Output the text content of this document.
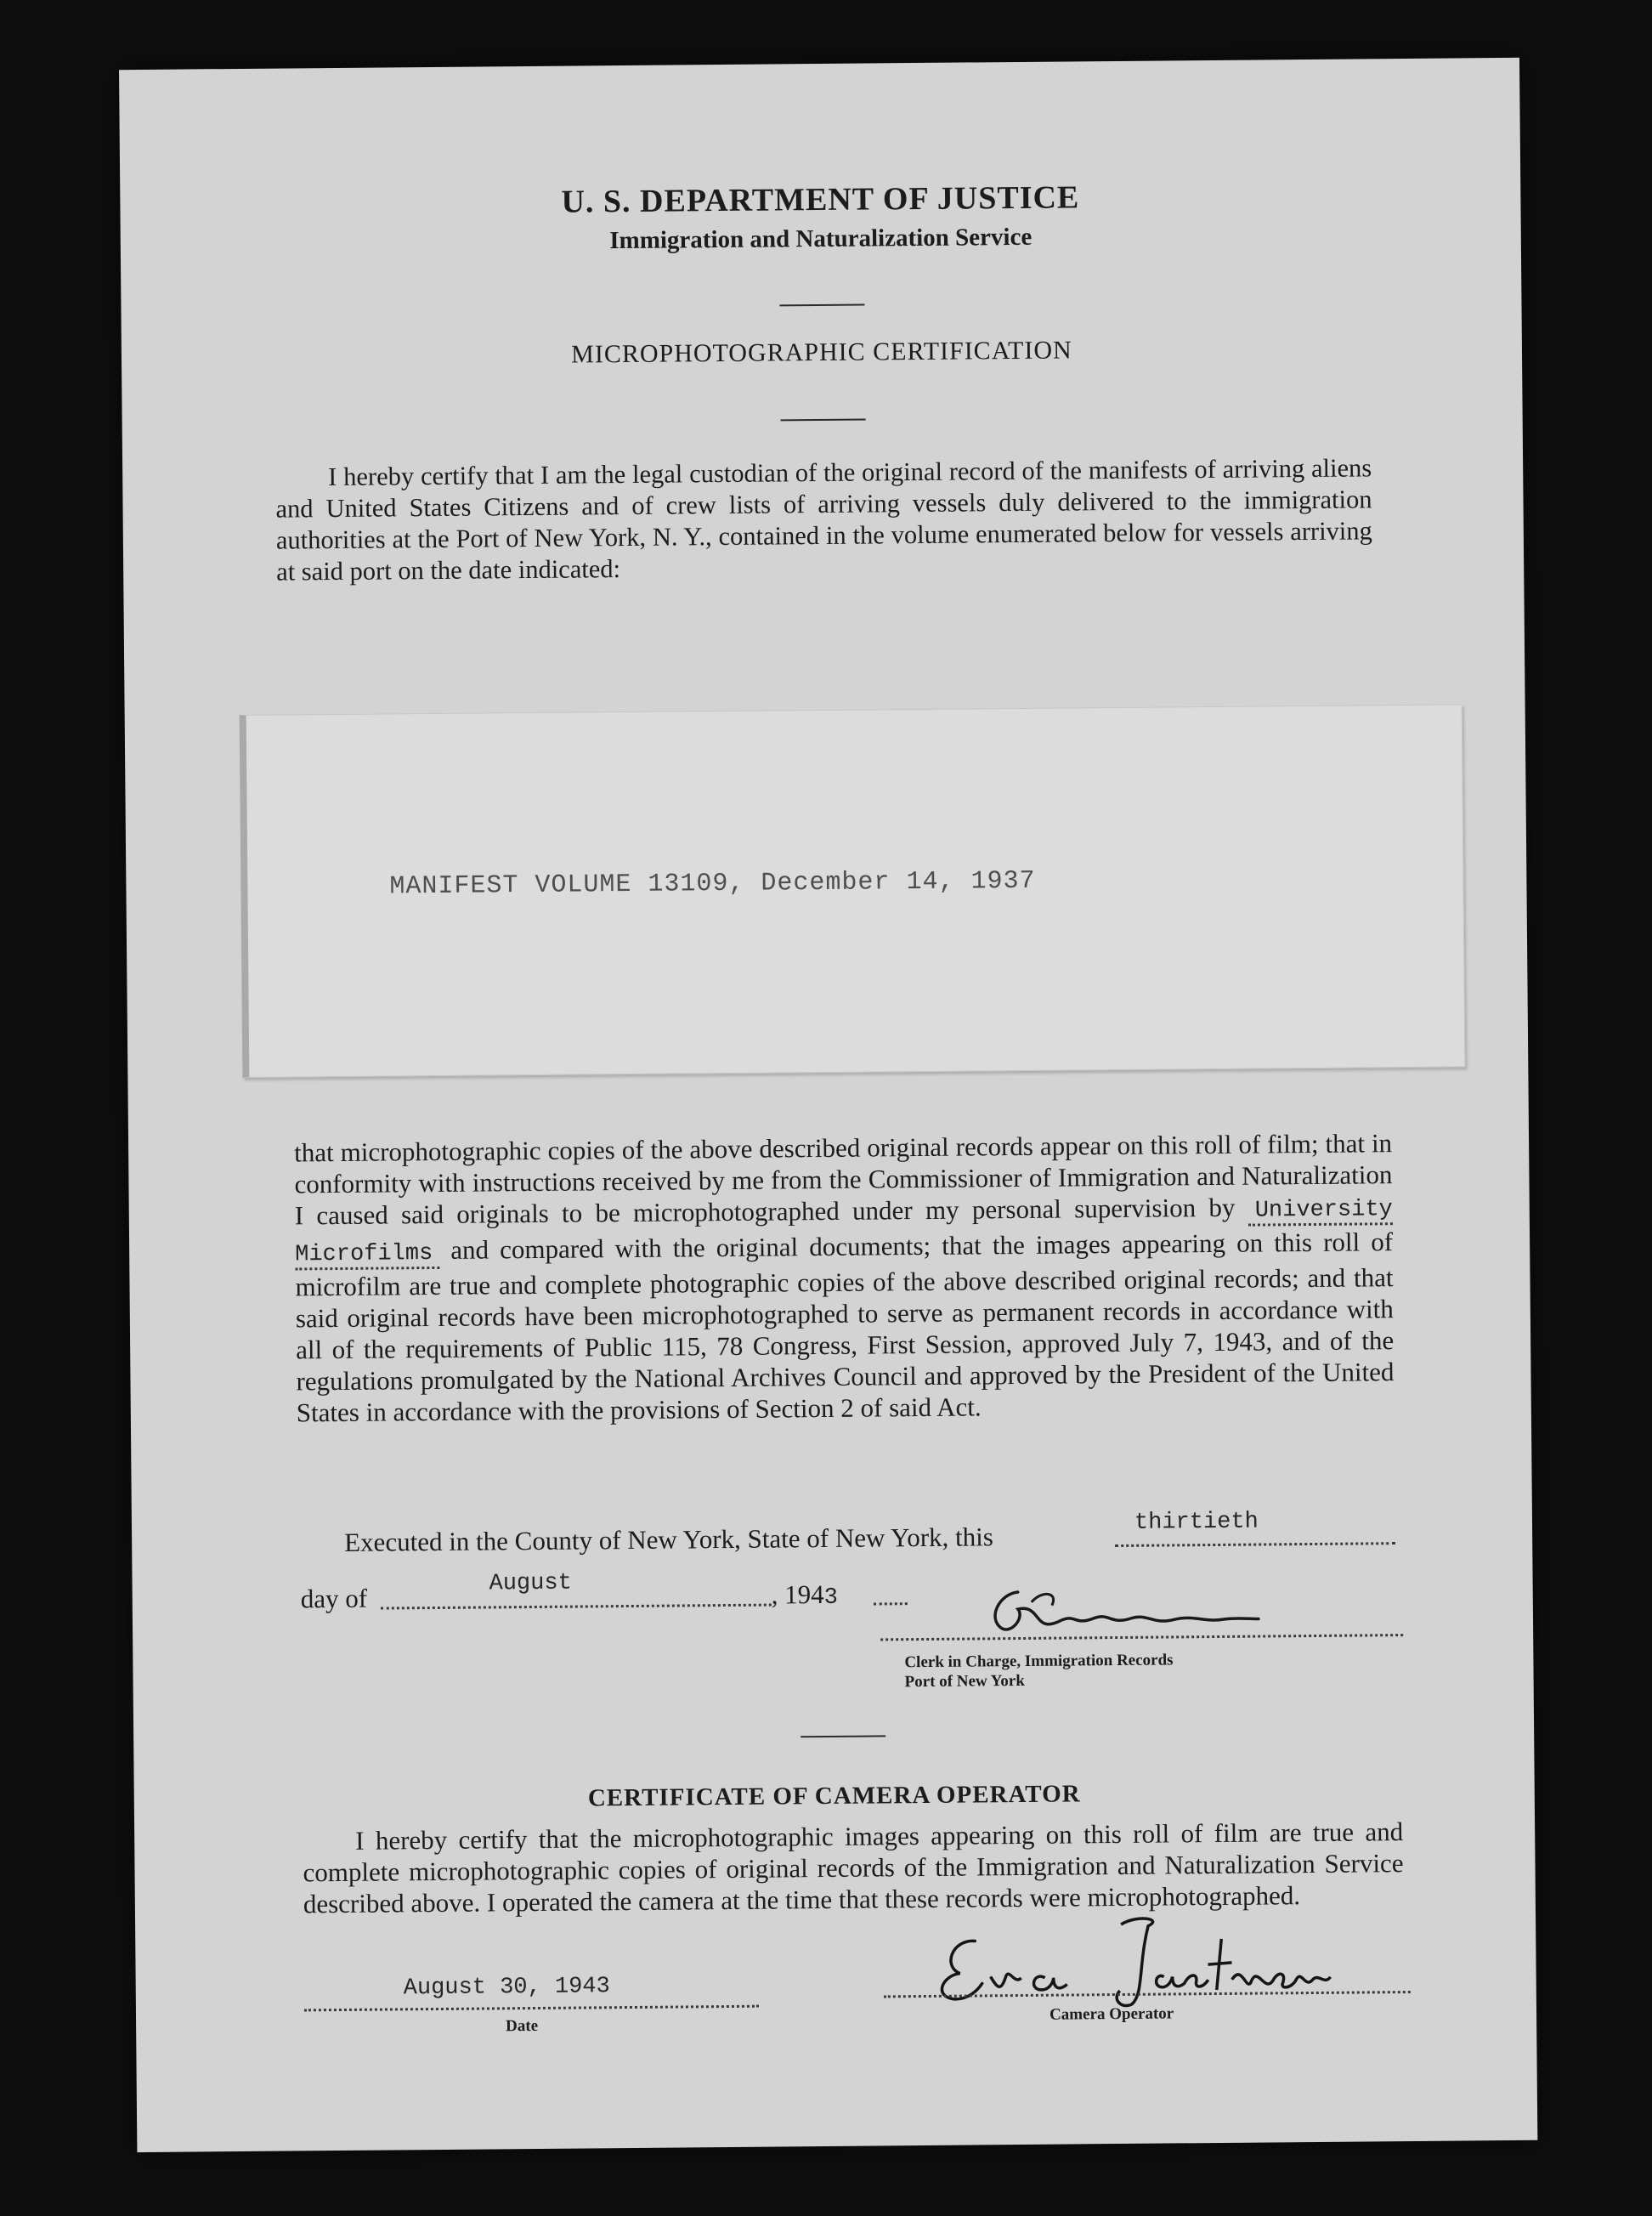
U. S. DEPARTMENT OF JUSTICE
Immigration and Naturalization Service
MICROPHOTOGRAPHIC CERTIFICATION

I hereby certify that I am the legal custodian of the original record of the manifests of arriving aliens and United States Citizens and of crew lists of arriving vessels duly delivered to the immigration authorities at the Port of New York, N. Y., contained in the volume enumerated below for vessels arriving at said port on the date indicated:

MANIFEST VOLUME 13109, December 14, 1937

that microphotographic copies of the above described original records appear on this roll of film; that in conformity with instructions received by me from the Commissioner of Immigration and Naturalization I caused said originals to be microphotographed under my personal supervision by University Microfilms and compared with the original documents; that the images appearing on this roll of microfilm are true and complete photographic copies of the above described original records; and that said original records have been microphotographed to serve as permanent records in accordance with all of the requirements of Public 115, 78 Congress, First Session, approved July 7, 1943, and of the regulations promulgated by the National Archives Council and approved by the President of the United States in accordance with the provisions of Section 2 of said Act.

Executed in the County of New York, State of New York, this	thirtieth
day of	August	, 1943
Clerk in Charge, Immigration Records
Port of New York
CERTIFICATE OF CAMERA OPERATOR

I hereby certify that the microphotographic images appearing on this roll of film are true and complete microphotographic copies of original records of the Immigration and Naturalization Service described above. I operated the camera at the time that these records were microphotographed.

August 30, 1943
Date
Camera Operator
